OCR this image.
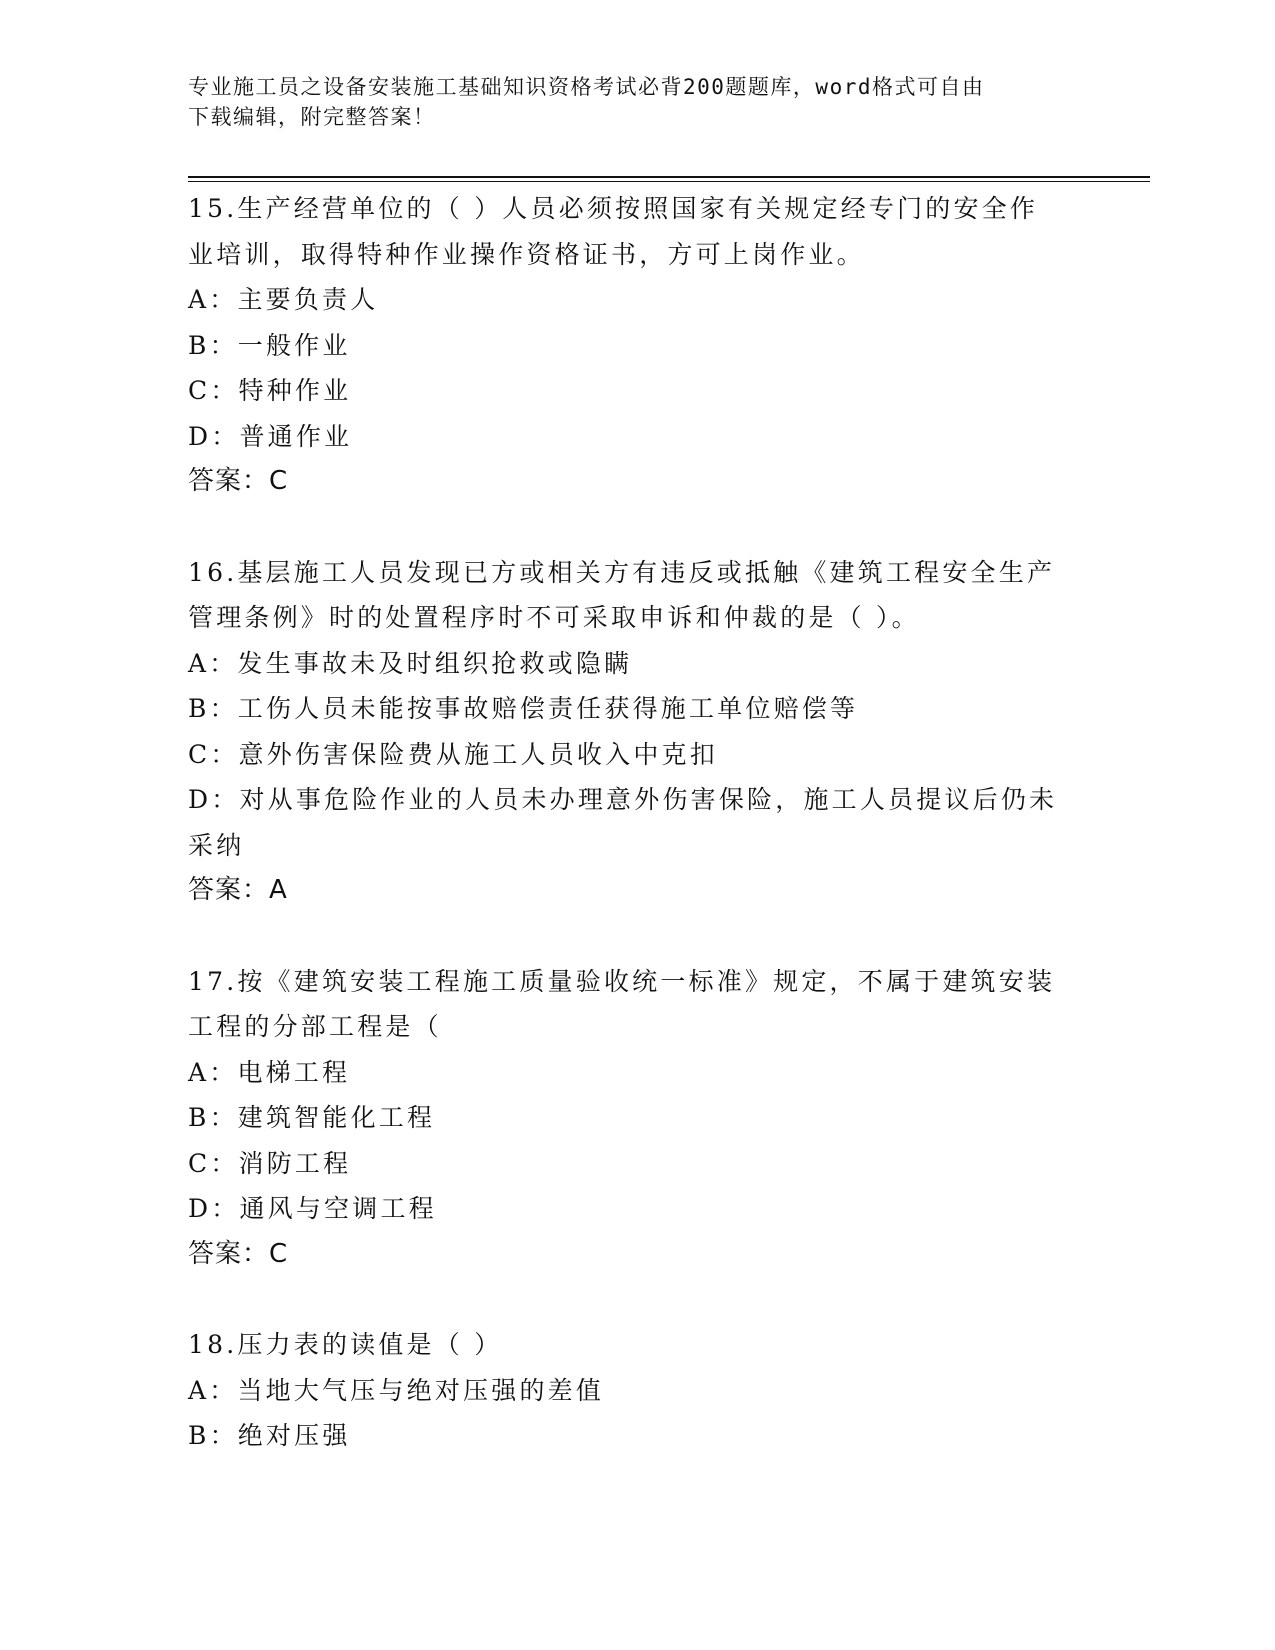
专业施工员之设备安装施工基础知识资格考试必背200题题库，word格式可自由
下载编辑，附完整答案！

15.生产经营单位的（ ）人员必须按照国家有关规定经专门的安全作

业培训，取得特种作业操作资格证书，方可上岗作业。

A：主要负责人

B：一般作业

C：特种作业

D：普通作业

答案：C

16.基层施工人员发现已方或相关方有违反或抵触《建筑工程安全生产

管理条例》时的处置程序时不可采取申诉和仲裁的是（ ）。

A：发生事故未及时组织抢救或隐瞒

B：工伤人员未能按事故赔偿责任获得施工单位赔偿等

C：意外伤害保险费从施工人员收入中克扣

D：对从事危险作业的人员未办理意外伤害保险，施工人员提议后仍未

采纳

答案：A

17.按《建筑安装工程施工质量验收统一标准》规定，不属于建筑安装

工程的分部工程是（

A：电梯工程

B：建筑智能化工程

C：消防工程

D：通风与空调工程

答案：C

18.压力表的读值是（ ）

A：当地大气压与绝对压强的差值

B：绝对压强
